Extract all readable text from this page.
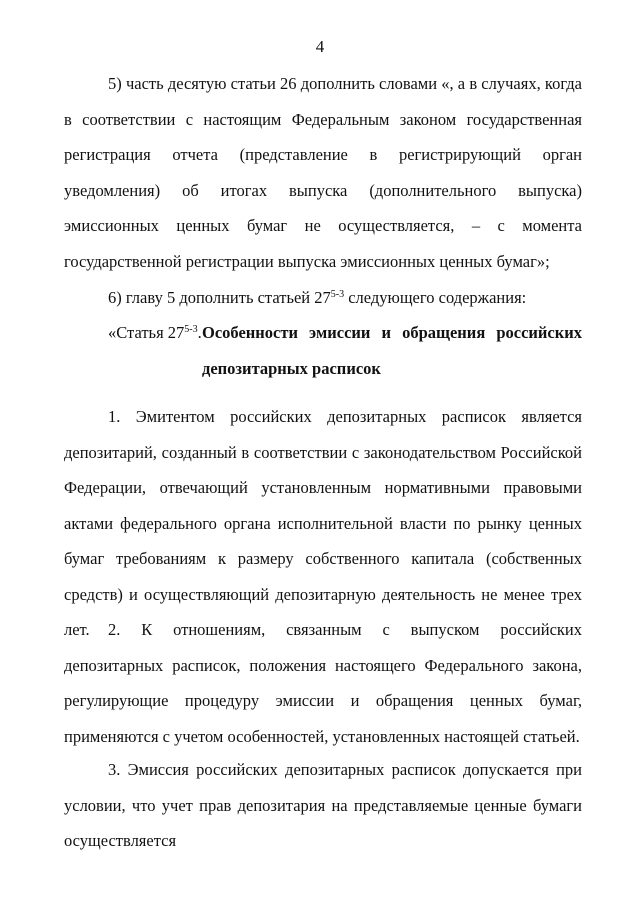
4

5) часть десятую статьи 26 дополнить словами «, а в случаях, когда в соответствии с настоящим Федеральным законом государственная регистрация отчета (представление в регистрирующий орган уведомления) об итогах выпуска (дополнительного выпуска) эмиссионных ценных бумаг не осуществляется, – с момента государственной регистрации выпуска эмиссионных ценных бумаг»;

6) главу 5 дополнить статьей 27$^{5-3}$ следующего содержания:

«Статья 27$^{5-3}$. Особенности эмиссии и обращения российских депозитарных расписок

1. Эмитентом российских депозитарных расписок является депозитарий, созданный в соответствии с законодательством Российской Федерации, отвечающий установленным нормативными правовыми актами федерального органа исполнительной власти по рынку ценных бумаг требованиям к размеру собственного капитала (собственных средств) и осуществляющий депозитарную деятельность не менее трех лет.	2. К отношениям, связанным с выпуском российских депозитарных расписок, положения настоящего Федерального закона, регулирующие процедуру эмиссии и обращения ценных бумаг, применяются с учетом особенностей, установленных настоящей статьей.

3. Эмиссия российских депозитарных расписок допускается при условии, что учет прав депозитария на представляемые ценные бумаги осуществляется
